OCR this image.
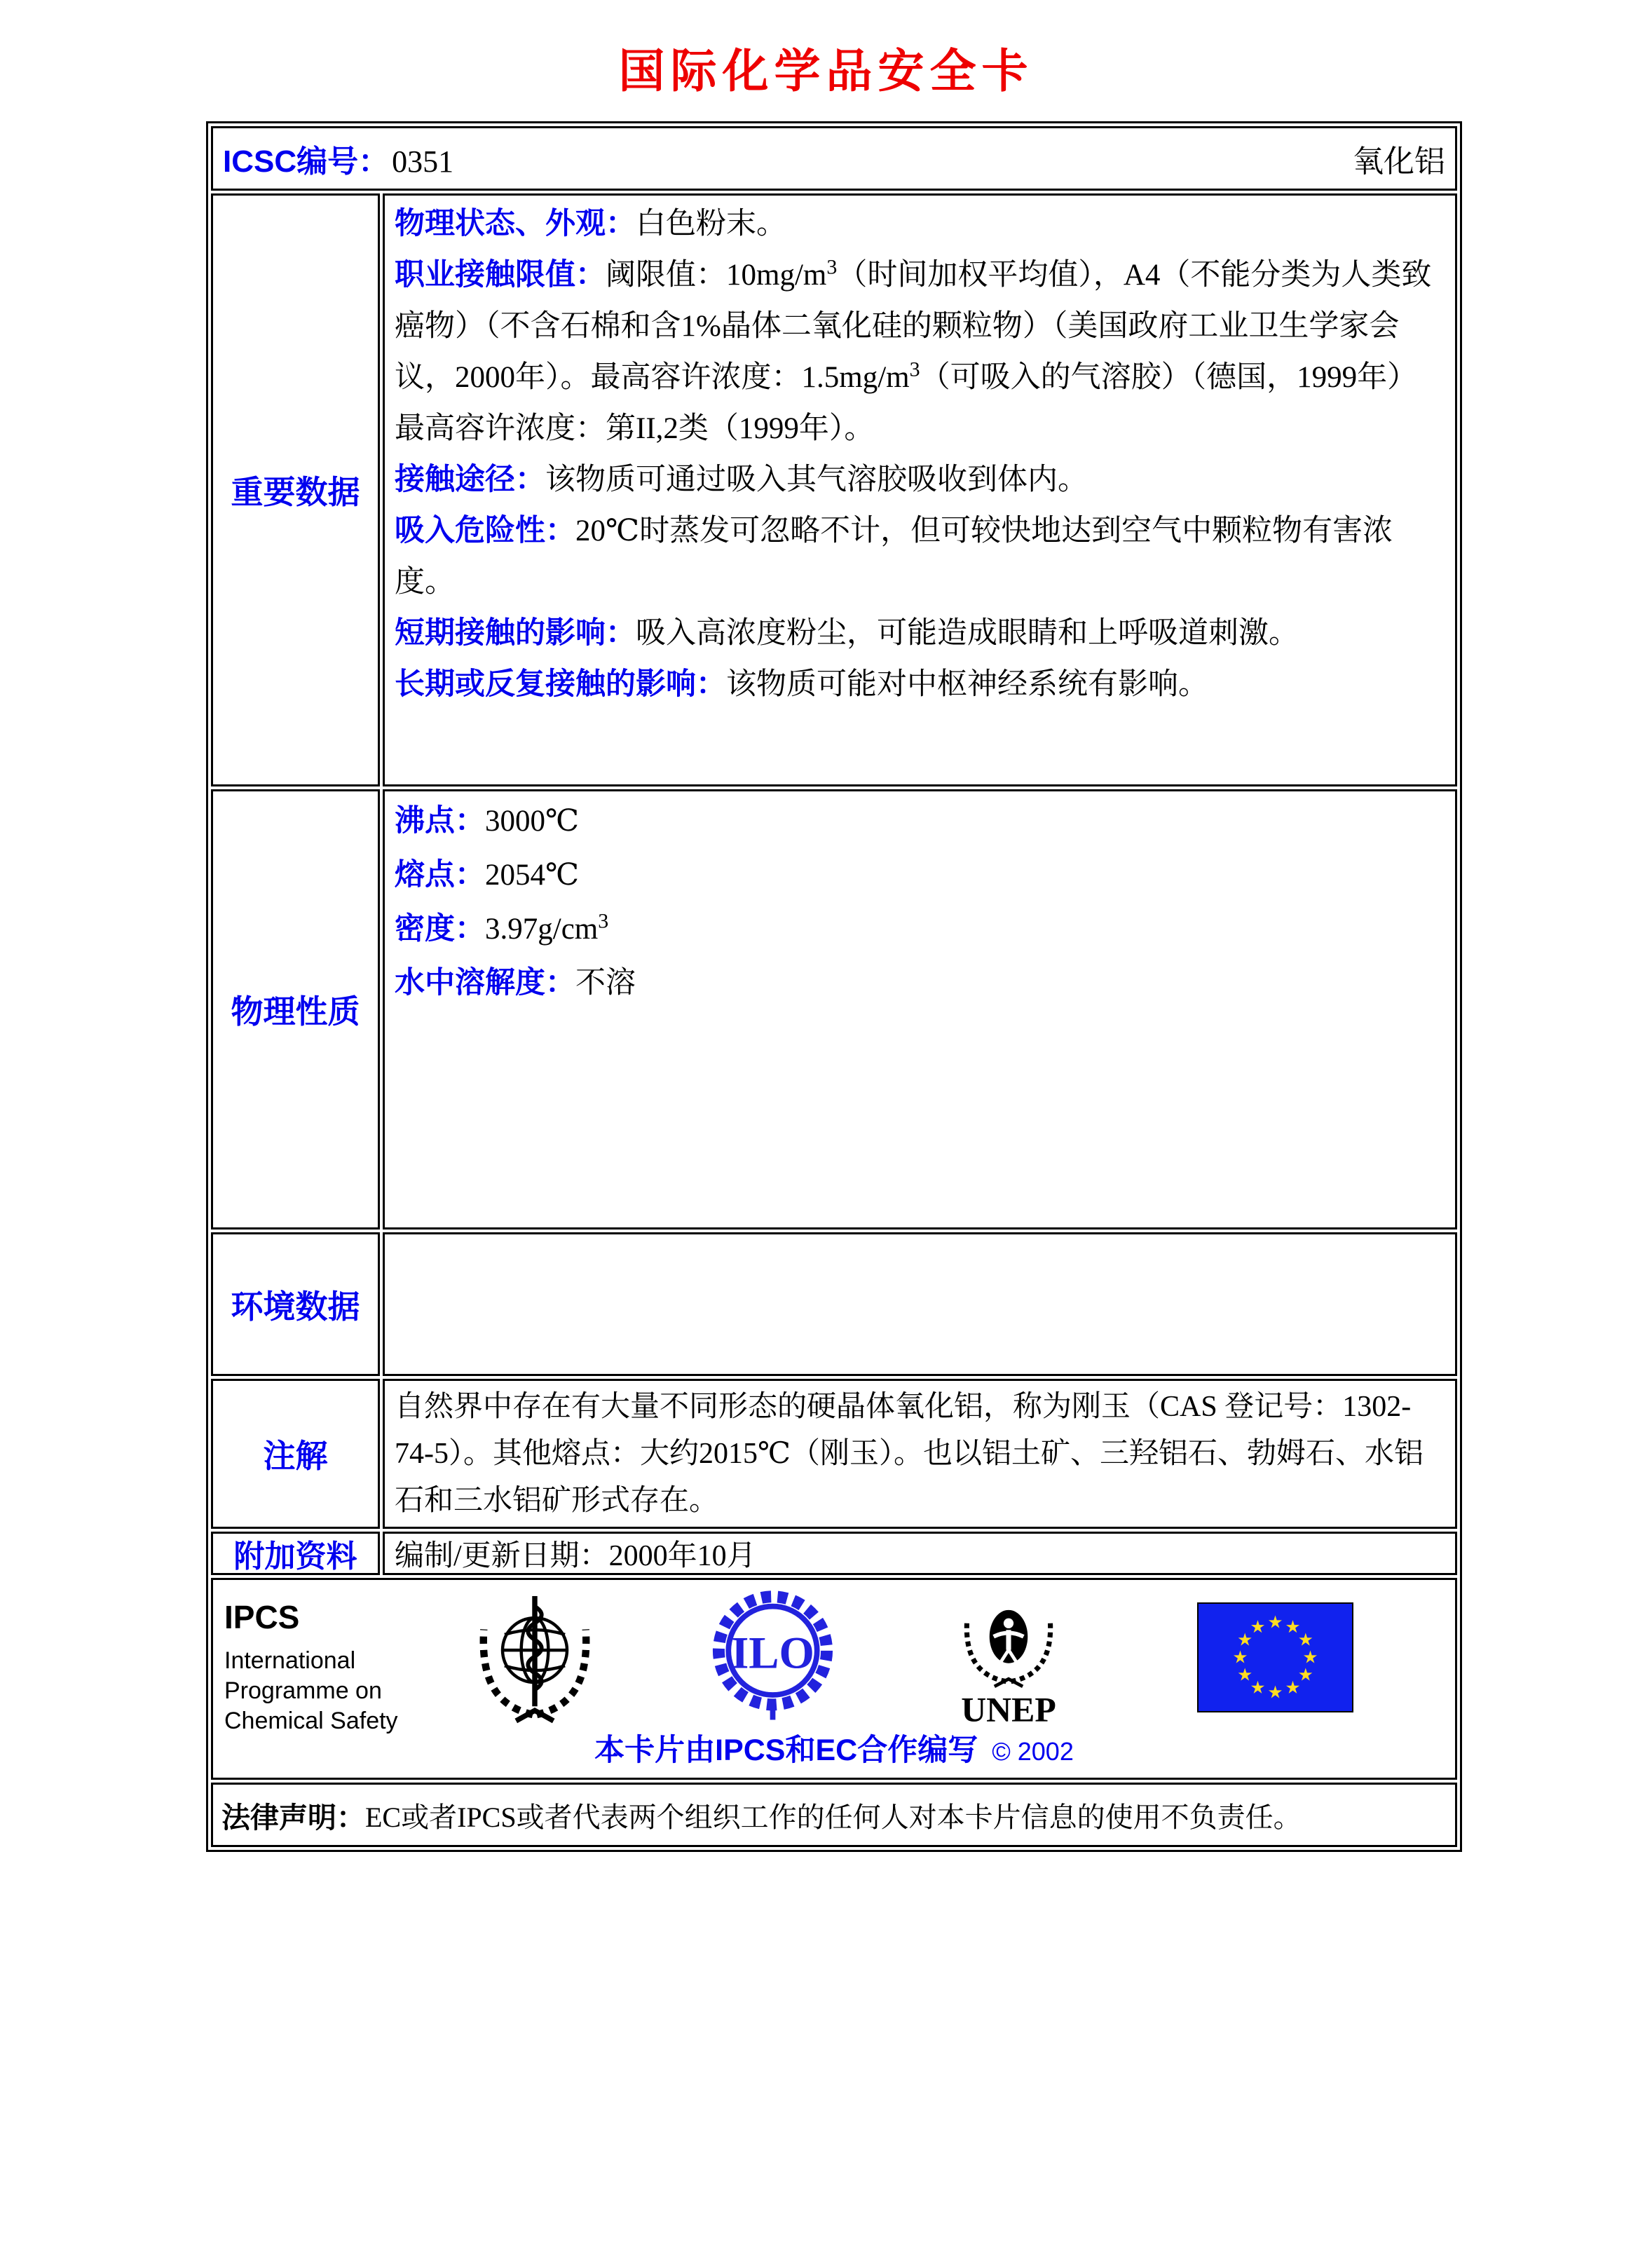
国际化学品安全卡
ICSC编号： 0351	氧化铝
重要数据

物理状态、外观：白色粉末。

职业接触限值：阈限值：$10mg/m^3$（时间加权平均值），A4（不能分类为人类致癌物）（不含石棉和含1%晶体二氧化硅的颗粒物）（美国政府工业卫生学家会议，2000年）。最高容许浓度：$1.5mg/m^3$（可吸入的气溶胶）（德国，1999年）最高容许浓度：第II,2类（1999年）。

接触途径：该物质可通过吸入其气溶胶吸收到体内。

吸入危险性：20℃时蒸发可忽略不计，但可较快地达到空气中颗粒物有害浓度。

短期接触的影响：吸入高浓度粉尘，可能造成眼睛和上呼吸道刺激。

长期或反复接触的影响：该物质可能对中枢神经系统有影响。

物理性质

沸点：3000℃

熔点：2054℃

密度：$3.97g/cm^3$

水中溶解度：不溶

环境数据

注解

自然界中存在有大量不同形态的硬晶体氧化铝，称为刚玉（CAS 登记号：1302-74-5）。其他熔点：大约2015℃（刚玉）。也以铝土矿、三羟铝石、勃姆石、水铝石和三水铝矿形式存在。

附加资料 编制/更新日期：2000年10月

IPCS

International
Programme on
Chemical Safety
ILO
UNEP
本卡片由IPCS和EC合作编写 © 2002
法律声明： EC或者IPCS或者代表两个组织工作的任何人对本卡片信息的使用不负责任。
